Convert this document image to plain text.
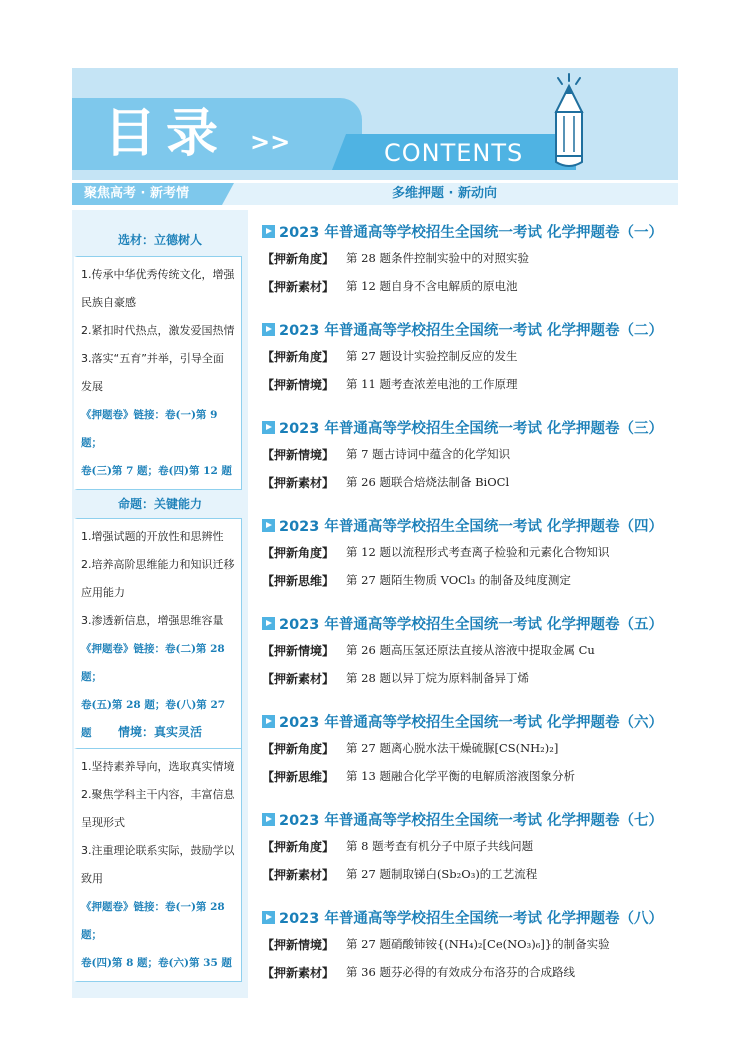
目录 >>	CONTENTS
聚焦高考 · 新考情	多维押题 · 新动向
选材：立德树人
1.传承中华优秀传统文化，增强
民族自豪感
2.紧扣时代热点，激发爱国热情
3.落实“五育”并举，引导全面
发展
《押题卷》链接：卷(一)第 9 题；
卷(三)第 7 题；卷(四)第 12 题
命题：关键能力
1.增强试题的开放性和思辨性
2.培养高阶思维能力和知识迁移
应用能力
3.渗透新信息，增强思维容量
《押题卷》链接：卷(二)第 28 题；
卷(五)第 28 题；卷(八)第 27 题	情境：真实灵活
1.坚持素养导向，选取真实情境
2.聚焦学科主干内容，丰富信息
呈现形式
3.注重理论联系实际，鼓励学以
致用
《押题卷》链接：卷(一)第 28 题；
卷(四)第 8 题；卷(六)第 35 题
2023 年普通高等学校招生全国统一考试 化学押题卷（一）
【押新角度】	第 28 题条件控制实验中的对照实验
【押新素材】	第 12 题自身不含电解质的原电池
2023 年普通高等学校招生全国统一考试 化学押题卷（二）
【押新角度】	第 27 题设计实验控制反应的发生
【押新情境】	第 11 题考查浓差电池的工作原理
2023 年普通高等学校招生全国统一考试 化学押题卷（三）
【押新情境】	第 7 题古诗词中蕴含的化学知识
【押新素材】	第 26 题联合焙烧法制备 BiOCl
2023 年普通高等学校招生全国统一考试 化学押题卷（四）
【押新角度】	第 12 题以流程形式考查离子检验和元素化合物知识
【押新思维】	第 27 题陌生物质 VOCl₃ 的制备及纯度测定
2023 年普通高等学校招生全国统一考试 化学押题卷（五）
【押新情境】	第 26 题高压氢还原法直接从溶液中提取金属 Cu
【押新素材】	第 28 题以异丁烷为原料制备异丁烯
2023 年普通高等学校招生全国统一考试 化学押题卷（六）
【押新角度】	第 27 题离心脱水法干燥硫脲[CS(NH₂)₂]
【押新思维】	第 13 题融合化学平衡的电解质溶液图象分析
2023 年普通高等学校招生全国统一考试 化学押题卷（七）
【押新角度】	第 8 题考查有机分子中原子共线问题
【押新素材】	第 27 题制取锑白(Sb₂O₃)的工艺流程
2023 年普通高等学校招生全国统一考试 化学押题卷（八）
【押新情境】	第 27 题硝酸铈铵{(NH₄)₂[Ce(NO₃)₆]}的制备实验
【押新素材】	第 36 题芬必得的有效成分布洛芬的合成路线
